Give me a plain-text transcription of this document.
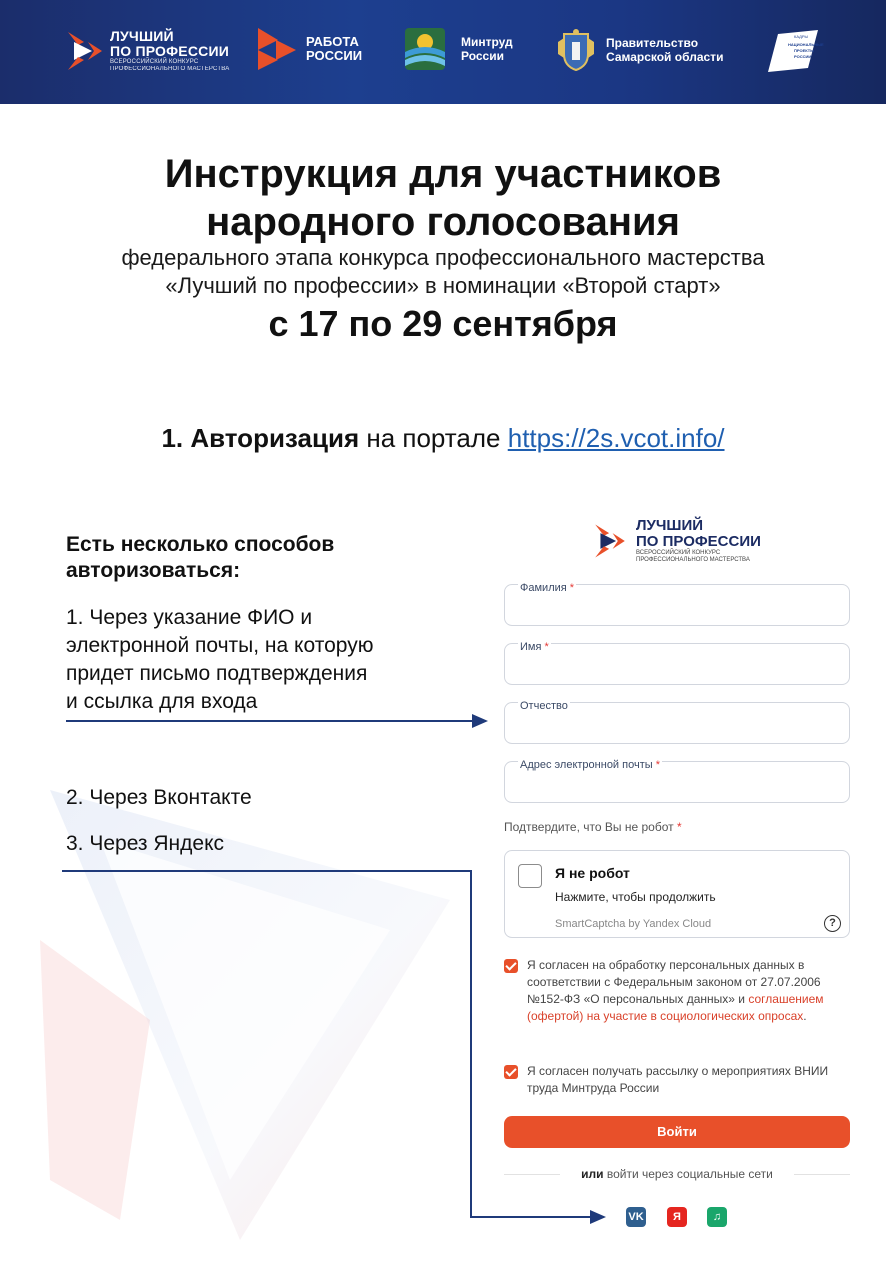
ЛУЧШИЙ
ПО ПРОФЕССИИ
ВСЕРОССИЙСКИЙ КОНКУРС
ПРОФЕССИОНАЛЬНОГО МАСТЕРСТВА
РАБОТА
РОССИИ
Минтруд
России
Правительство
Самарской области
КАДРЫ
НАЦИОНАЛЬНЫЕ
ПРОЕКТЫ
РОССИИ
Инструкция для участников
народного голосования
федерального этапа конкурса профессионального мастерства
«Лучший по профессии» в номинации «Второй старт»
с 17 по 29 сентября
1. Авторизация на портале https://2s.vcot.info/
Есть несколько способов
авторизоваться:
1. Через указание ФИО и
электронной почты, на которую
придет письмо подтверждения
и ссылка для входа
2. Через Вконтакте
3. Через Яндекс
ЛУЧШИЙ
ПО ПРОФЕССИИ
ВСЕРОССИЙСКИЙ КОНКУРС
ПРОФЕССИОНАЛЬНОГО МАСТЕРСТВА
Фамилия *
Имя *
Отчество
Адрес электронной почты *
Подтвердите, что Вы не робот *
Я не робот
Нажмите, чтобы продолжить
SmartCaptcha by Yandex Cloud	?
Я согласен на обработку персональных данных в соответствии с Федеральным законом от 27.07.2006 №152-ФЗ «О персональных данных» и соглашением (офертой) на участие в социологических опросах.
Я согласен получать рассылку о мероприятиях ВНИИ труда Минтруда России
Войти
или войти через социальные сети
VK	Я	♫
